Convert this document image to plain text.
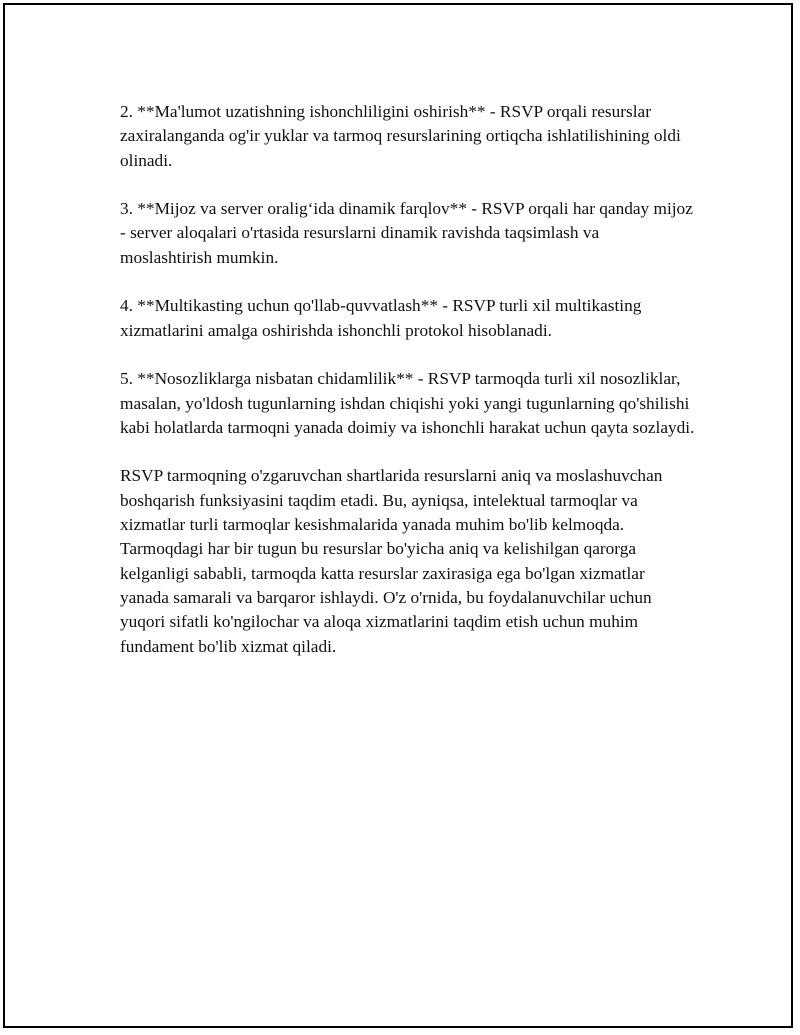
2. **Ma'lumot uzatishning ishonchliligini oshirish** - RSVP orqali resurslar zaxiralanganda og'ir yuklar va tarmoq resurslarining ortiqcha ishlatilishining oldi olinadi.

3. **Mijoz va server oralig‘ida dinamik farqlov** - RSVP orqali har qanday mijoz - server aloqalari o'rtasida resurslarni dinamik ravishda taqsimlash va moslashtirish mumkin.

4. **Multikasting uchun qo'llab-quvvatlash** - RSVP turli xil multikasting xizmatlarini amalga oshirishda ishonchli protokol hisoblanadi.

5. **Nosozliklarga nisbatan chidamlilik** - RSVP tarmoqda turli xil nosozliklar, masalan, yo'ldosh tugunlarning ishdan chiqishi yoki yangi tugunlarning qo'shilishi kabi holatlarda tarmoqni yanada doimiy va ishonchli harakat uchun qayta sozlaydi.

RSVP tarmoqning o'zgaruvchan shartlarida resurslarni aniq va moslashuvchan boshqarish funksiyasini taqdim etadi. Bu, ayniqsa, intelektual tarmoqlar va xizmatlar turli tarmoqlar kesishmalarida yanada muhim bo'lib kelmoqda. Tarmoqdagi har bir tugun bu resurslar bo'yicha aniq va kelishilgan qarorga kelganligi sababli, tarmoqda katta resurslar zaxirasiga ega bo'lgan xizmatlar yanada samarali va barqaror ishlaydi. O'z o'rnida, bu foydalanuvchilar uchun yuqori sifatli ko'ngilochar va aloqa xizmatlarini taqdim etish uchun muhim fundament bo'lib xizmat qiladi.
